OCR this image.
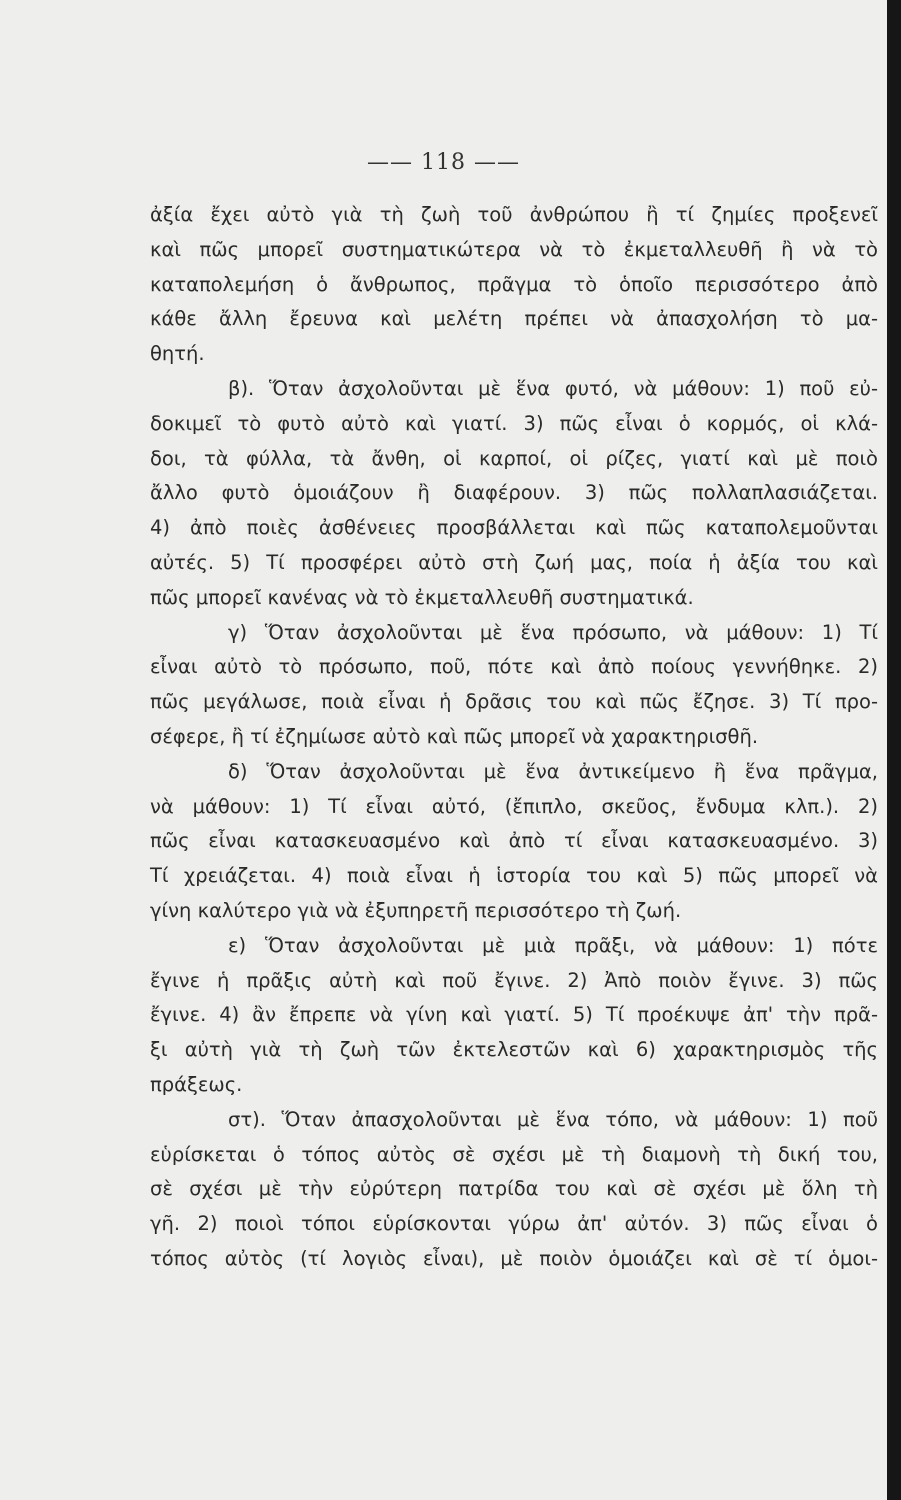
—— 118 ——
ἀξία ἔχει αὐτὸ γιὰ τὴ ζωὴ τοῦ ἀνθρώπου ἢ τί ζημίες προξενεῖ
καὶ πῶς μπορεῖ συστηματικώτερα νὰ τὸ ἐκμεταλλευθῆ ἢ νὰ τὸ
καταπολεμήση ὁ ἄνθρωπος, πρᾶγμα τὸ ὁποῖο περισσότερο ἀπὸ
κάθε ἄλλη ἔρευνα καὶ μελέτη πρέπει νὰ ἀπασχολήση τὸ μα-
θητή.
β). Ὅταν ἀσχολοῦνται μὲ ἕνα φυτό, νὰ μάθουν: 1) ποῦ εὐ-
δοκιμεῖ τὸ φυτὸ αὐτὸ καὶ γιατί. 3) πῶς εἶναι ὁ κορμός, οἱ κλά-
δοι, τὰ φύλλα, τὰ ἄνθη, οἱ καρποί, οἱ ρίζες, γιατί καὶ μὲ ποιὸ
ἄλλο φυτὸ ὁμοιάζουν ἢ διαφέρουν. 3) πῶς πολλαπλασιάζεται.
4) ἀπὸ ποιὲς ἀσθένειες προσβάλλεται καὶ πῶς καταπολεμοῦνται
αὐτές. 5) Τί προσφέρει αὐτὸ στὴ ζωή μας, ποία ἡ ἀξία του καὶ
πῶς μπορεῖ κανένας νὰ τὸ ἐκμεταλλευθῆ συστηματικά.
γ) Ὅταν ἀσχολοῦνται μὲ ἕνα πρόσωπο, νὰ μάθουν: 1) Τί
εἶναι αὐτὸ τὸ πρόσωπο, ποῦ, πότε καὶ ἀπὸ ποίους γεννήθηκε. 2)
πῶς μεγάλωσε, ποιὰ εἶναι ἡ δρᾶσις του καὶ πῶς ἔζησε. 3) Τί προ-
σέφερε, ἢ τί ἐζημίωσε αὐτὸ καὶ πῶς μπορεῖ νὰ χαρακτηρισθῆ.
δ) Ὅταν ἀσχολοῦνται μὲ ἕνα ἀντικείμενο ἢ ἕνα πρᾶγμα,
νὰ μάθουν: 1) Τί εἶναι αὐτό, (ἔπιπλο, σκεῦος, ἔνδυμα κλπ.). 2)
πῶς εἶναι κατασκευασμένο καὶ ἀπὸ τί εἶναι κατασκευασμένο. 3)
Τί χρειάζεται. 4) ποιὰ εἶναι ἡ ἱστορία του καὶ 5) πῶς μπορεῖ νὰ
γίνη καλύτερο γιὰ νὰ ἐξυπηρετῆ περισσότερο τὴ ζωή.
ε) Ὅταν ἀσχολοῦνται μὲ μιὰ πρᾶξι, νὰ μάθουν: 1) πότε
ἔγινε ἡ πρᾶξις αὐτὴ καὶ ποῦ ἔγινε. 2) Ἀπὸ ποιὸν ἔγινε. 3) πῶς
ἔγινε. 4) ἂν ἔπρεπε νὰ γίνη καὶ γιατί. 5) Τί προέκυψε ἀπ' τὴν πρᾶ-
ξι αὐτὴ γιὰ τὴ ζωὴ τῶν ἐκτελεστῶν καὶ 6) χαρακτηρισμὸς τῆς
πράξεως.
στ). Ὅταν ἀπασχολοῦνται μὲ ἕνα τόπο, νὰ μάθουν: 1) ποῦ
εὑρίσκεται ὁ τόπος αὐτὸς σὲ σχέσι μὲ τὴ διαμονὴ τὴ δική του,
σὲ σχέσι μὲ τὴν εὐρύτερη πατρίδα του καὶ σὲ σχέσι μὲ ὅλη τὴ
γῆ. 2) ποιοὶ τόποι εὑρίσκονται γύρω ἀπ' αὐτόν. 3) πῶς εἶναι ὁ
τόπος αὐτὸς (τί λογιὸς εἶναι), μὲ ποιὸν ὁμοιάζει καὶ σὲ τί ὁμοι-
